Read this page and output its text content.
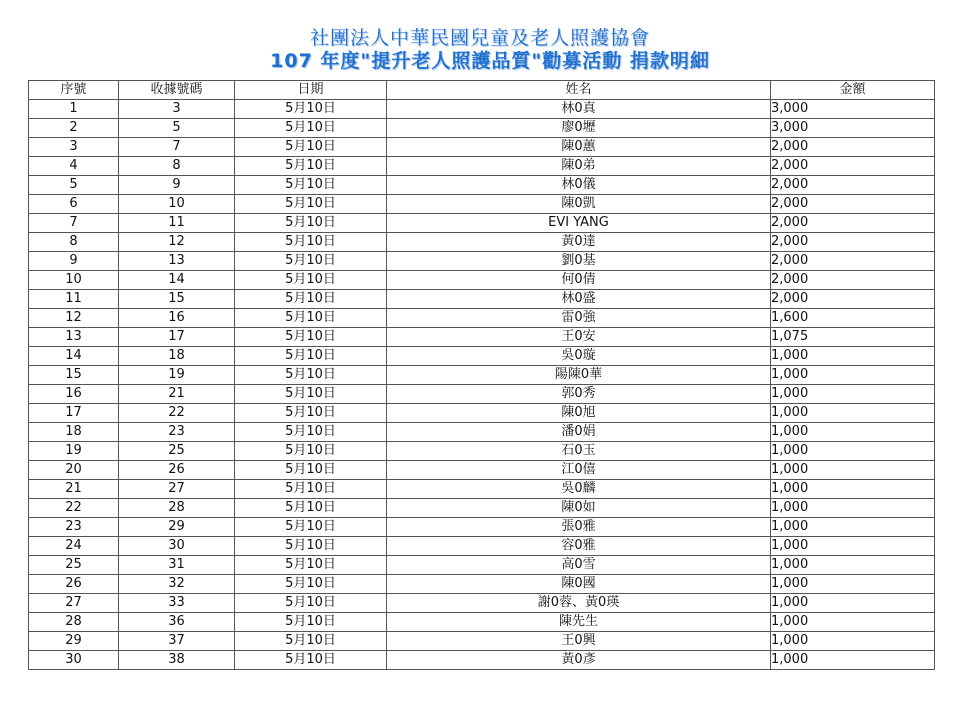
社團法人中華民國兒童及老人照護協會
107 年度"提升老人照護品質"勸募活動 捐款明細
序號	收據號碼	日期	姓名	金額
1	3	5月10日	林0真	3,000
2	5	5月10日	廖0壢	3,000
3	7	5月10日	陳0蕙	2,000
4	8	5月10日	陳0弟	2,000
5	9	5月10日	林0儀	2,000
6	10	5月10日	陳0凱	2,000
7	11	5月10日	EVI YANG	2,000
8	12	5月10日	黃0達	2,000
9	13	5月10日	劉0基	2,000
10	14	5月10日	何0倩	2,000
11	15	5月10日	林0盛	2,000
12	16	5月10日	雷0強	1,600
13	17	5月10日	王0安	1,075
14	18	5月10日	吳0璇	1,000
15	19	5月10日	陽陳0華	1,000
16	21	5月10日	郭0秀	1,000
17	22	5月10日	陳0旭	1,000
18	23	5月10日	潘0娟	1,000
19	25	5月10日	石0玉	1,000
20	26	5月10日	江0僖	1,000
21	27	5月10日	吳0麟	1,000
22	28	5月10日	陳0如	1,000
23	29	5月10日	張0雅	1,000
24	30	5月10日	容0雅	1,000
25	31	5月10日	高0雪	1,000
26	32	5月10日	陳0國	1,000
27	33	5月10日	謝0蓉、黃0瑛	1,000
28	36	5月10日	陳先生	1,000
29	37	5月10日	王0興	1,000
30	38	5月10日	黃0彥	1,000
